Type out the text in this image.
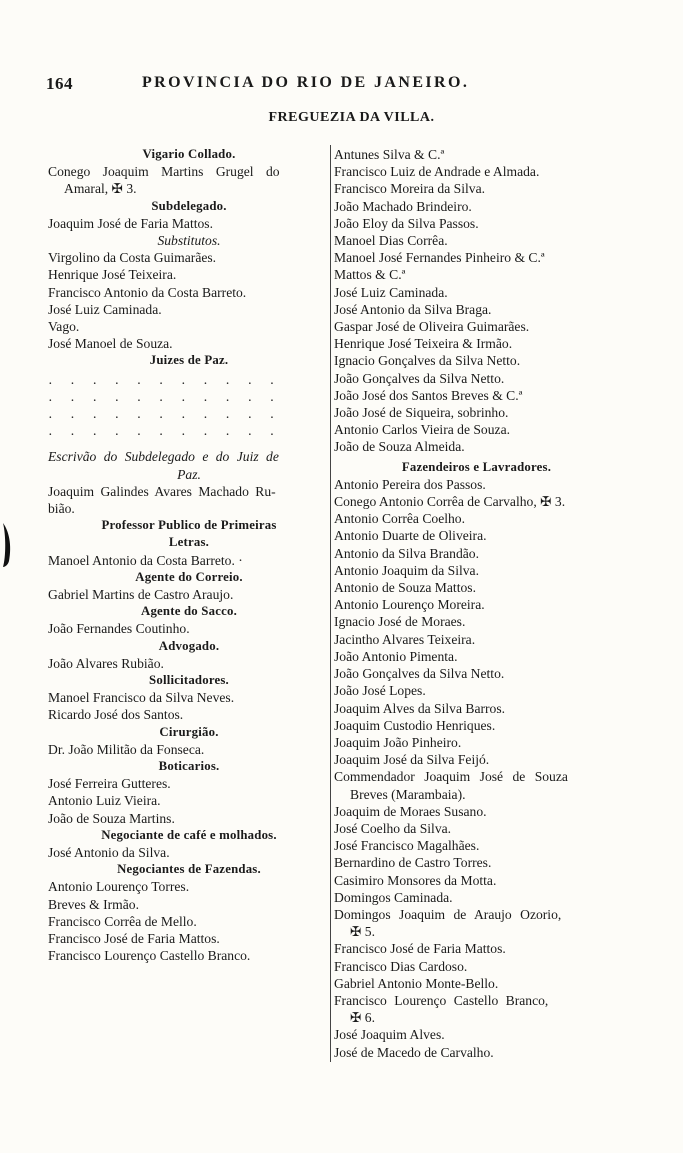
164	PROVINCIA DO RIO DE JANEIRO.
FREGUEZIA DA VILLA.
Vigario Collado.
Conego Joaquim Martins Grugel do
Amaral, ✠ 3.
Subdelegado.
Joaquim José de Faria Mattos.
Substitutos.
Virgolino da Costa Guimarães.
Henrique José Teixeira.
Francisco Antonio da Costa Barreto.
José Luiz Caminada.
Vago.
José Manoel de Souza.
Juizes de Paz.
· · · · · · · · · · ·
· · · · · · · · · · ·
· · · · · · · · · · ·
· · · · · · · · · · ·
Escrivão do Subdelegado e do Juiz de
Paz.
Joaquim Galindes Avares Machado Ru-
bião.
Professor Publico de Primeiras
Letras.
Manoel Antonio da Costa Barreto. ·
Agente do Correio.
Gabriel Martins de Castro Araujo.
Agente do Sacco.
João Fernandes Coutinho.
Advogado.
João Alvares Rubião.
Sollicitadores.
Manoel Francisco da Silva Neves.
Ricardo José dos Santos.
Cirurgião.
Dr. João Militão da Fonseca.
Boticarios.
José Ferreira Gutteres.
Antonio Luiz Vieira.
João de Souza Martins.
Negociante de café e molhados.
José Antonio da Silva.
Negociantes de Fazendas.
Antonio Lourenço Torres.
Breves & Irmão.
Francisco Corrêa de Mello.
Francisco José de Faria Mattos.
Francisco Lourenço Castello Branco.
Antunes Silva & C.ª
Francisco Luiz de Andrade e Almada.
Francisco Moreira da Silva.
João Machado Brindeiro.
João Eloy da Silva Passos.
Manoel Dias Corrêa.
Manoel José Fernandes Pinheiro & C.ª
Mattos & C.ª
José Luiz Caminada.
José Antonio da Silva Braga.
Gaspar José de Oliveira Guimarães.
Henrique José Teixeira & Irmão.
Ignacio Gonçalves da Silva Netto.
João Gonçalves da Silva Netto.
João José dos Santos Breves & C.ª
João José de Siqueira, sobrinho.
Antonio Carlos Vieira de Souza.
João de Souza Almeida.
Fazendeiros e Lavradores.
Antonio Pereira dos Passos.
Conego Antonio Corrêa de Carvalho, ✠ 3.
Antonio Corrêa Coelho.
Antonio Duarte de Oliveira.
Antonio da Silva Brandão.
Antonio Joaquim da Silva.
Antonio de Souza Mattos.
Antonio Lourenço Moreira.
Ignacio José de Moraes.
Jacintho Alvares Teixeira.
João Antonio Pimenta.
João Gonçalves da Silva Netto.
João José Lopes.
Joaquim Alves da Silva Barros.
Joaquim Custodio Henriques.
Joaquim João Pinheiro.
Joaquim José da Silva Feijó.
Commendador Joaquim José de Souza
Breves (Marambaia).
Joaquim de Moraes Susano.
José Coelho da Silva.
José Francisco Magalhães.
Bernardino de Castro Torres.
Casimiro Monsores da Motta.
Domingos Caminada.
Domingos Joaquim de Araujo Ozorio,
✠ 5.
Francisco José de Faria Mattos.
Francisco Dias Cardoso.
Gabriel Antonio Monte-Bello.
Francisco Lourenço Castello Branco,
✠ 6.
José Joaquim Alves.
José de Macedo de Carvalho.
